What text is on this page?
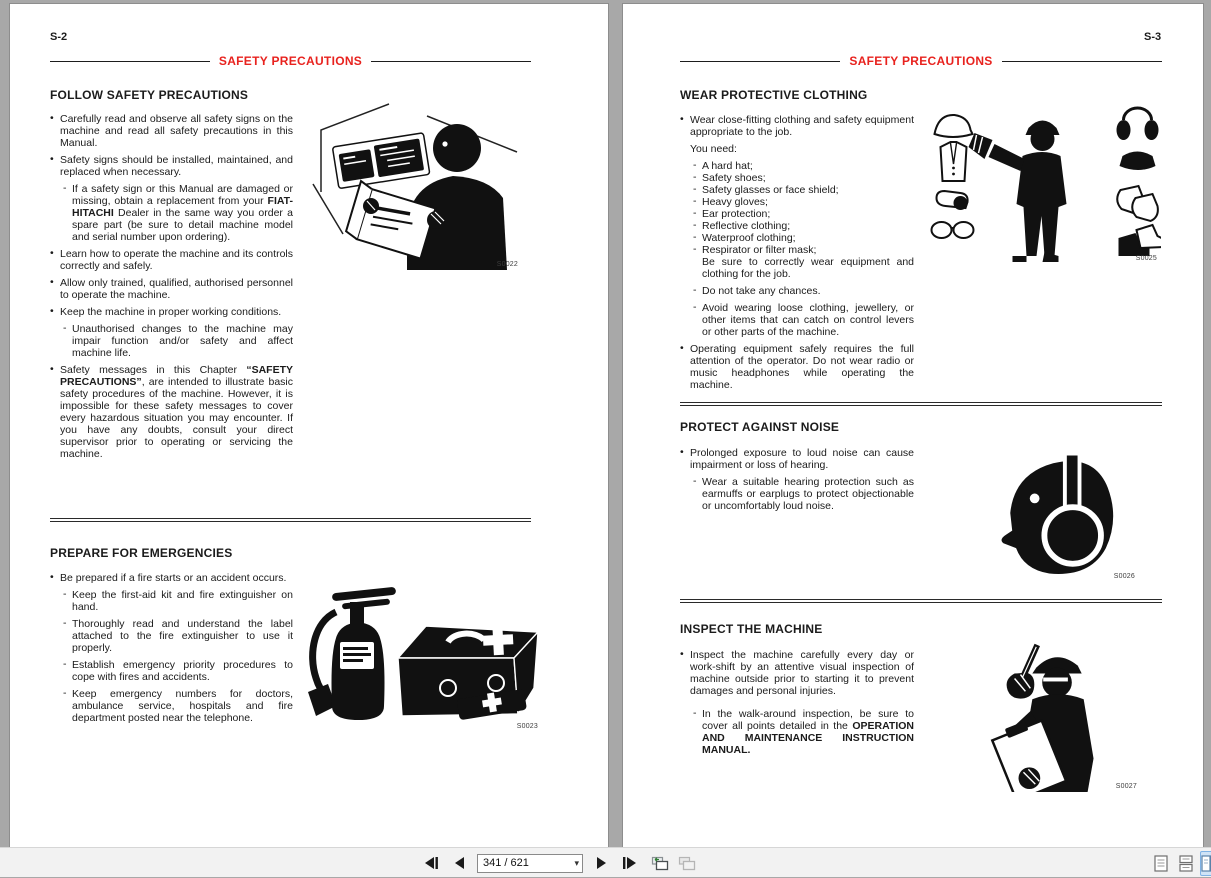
S-2
SAFETY PRECAUTIONS
FOLLOW SAFETY PRECAUTIONS
• Carefully read and observe all safety signs on the machine and read all safety precautions in this Manual.
• Safety signs should be installed, maintained, and replaced when necessary.
- If a safety sign or this Manual are damaged or missing, obtain a replacement from your FIAT-HITACHI Dealer in the same way you order a spare part (be sure to detail machine model and serial number upon ordering).
• Learn how to operate the machine and its controls correctly and safely.
• Allow only trained, qualified, authorised personnel to operate the machine.
• Keep the machine in proper working conditions.
- Unauthorised changes to the machine may impair function and/or safety and affect machine life.
• Safety messages in this Chapter “SAFETY PRECAUTIONS”, are intended to illustrate basic safety procedures of the machine. However, it is impossible for these safety messages to cover every hazardous situation you may encounter. If you have any doubts, consult your direct supervisor prior to operating or servicing the machine.
S0022
PREPARE FOR EMERGENCIES
• Be prepared if a fire starts or an accident occurs.
- Keep the first-aid kit and fire extinguisher on hand.
- Thoroughly read and understand the label attached to the fire extinguisher to use it properly.
- Establish emergency priority procedures to cope with fires and accidents.
- Keep emergency numbers for doctors, ambulance service, hospitals and fire department posted near the telephone.
S0023
S-3
SAFETY PRECAUTIONS
WEAR PROTECTIVE CLOTHING
• Wear close-fitting clothing and safety equipment appropriate to the job.
You need:
- A hard hat;
- Safety shoes;
- Safety glasses or face shield;
- Heavy gloves;
- Ear protection;
- Reflective clothing;
- Waterproof clothing;
- Respirator or filter mask;
Be sure to correctly wear equipment and clothing for the job.
- Do not take any chances.
- Avoid wearing loose clothing, jewellery, or other items that can catch on control levers or other parts of the machine.
• Operating equipment safely requires the full attention of the operator. Do not wear radio or music headphones while operating the machine.
S0025
PROTECT AGAINST NOISE
• Prolonged exposure to loud noise can cause impairment or loss of hearing.
- Wear a suitable hearing protection such as earmuffs or earplugs to protect objectionable or uncomfortably loud noise.
S0026
INSPECT THE MACHINE
• Inspect the machine carefully every day or work-shift by an attentive visual inspection of machine outside prior to starting it to prevent damages and personal injuries.
- In the walk-around inspection, be sure to cover all points detailed in the OPERATION AND MAINTENANCE INSTRUCTION MANUAL.
S0027
341 / 621
▾
